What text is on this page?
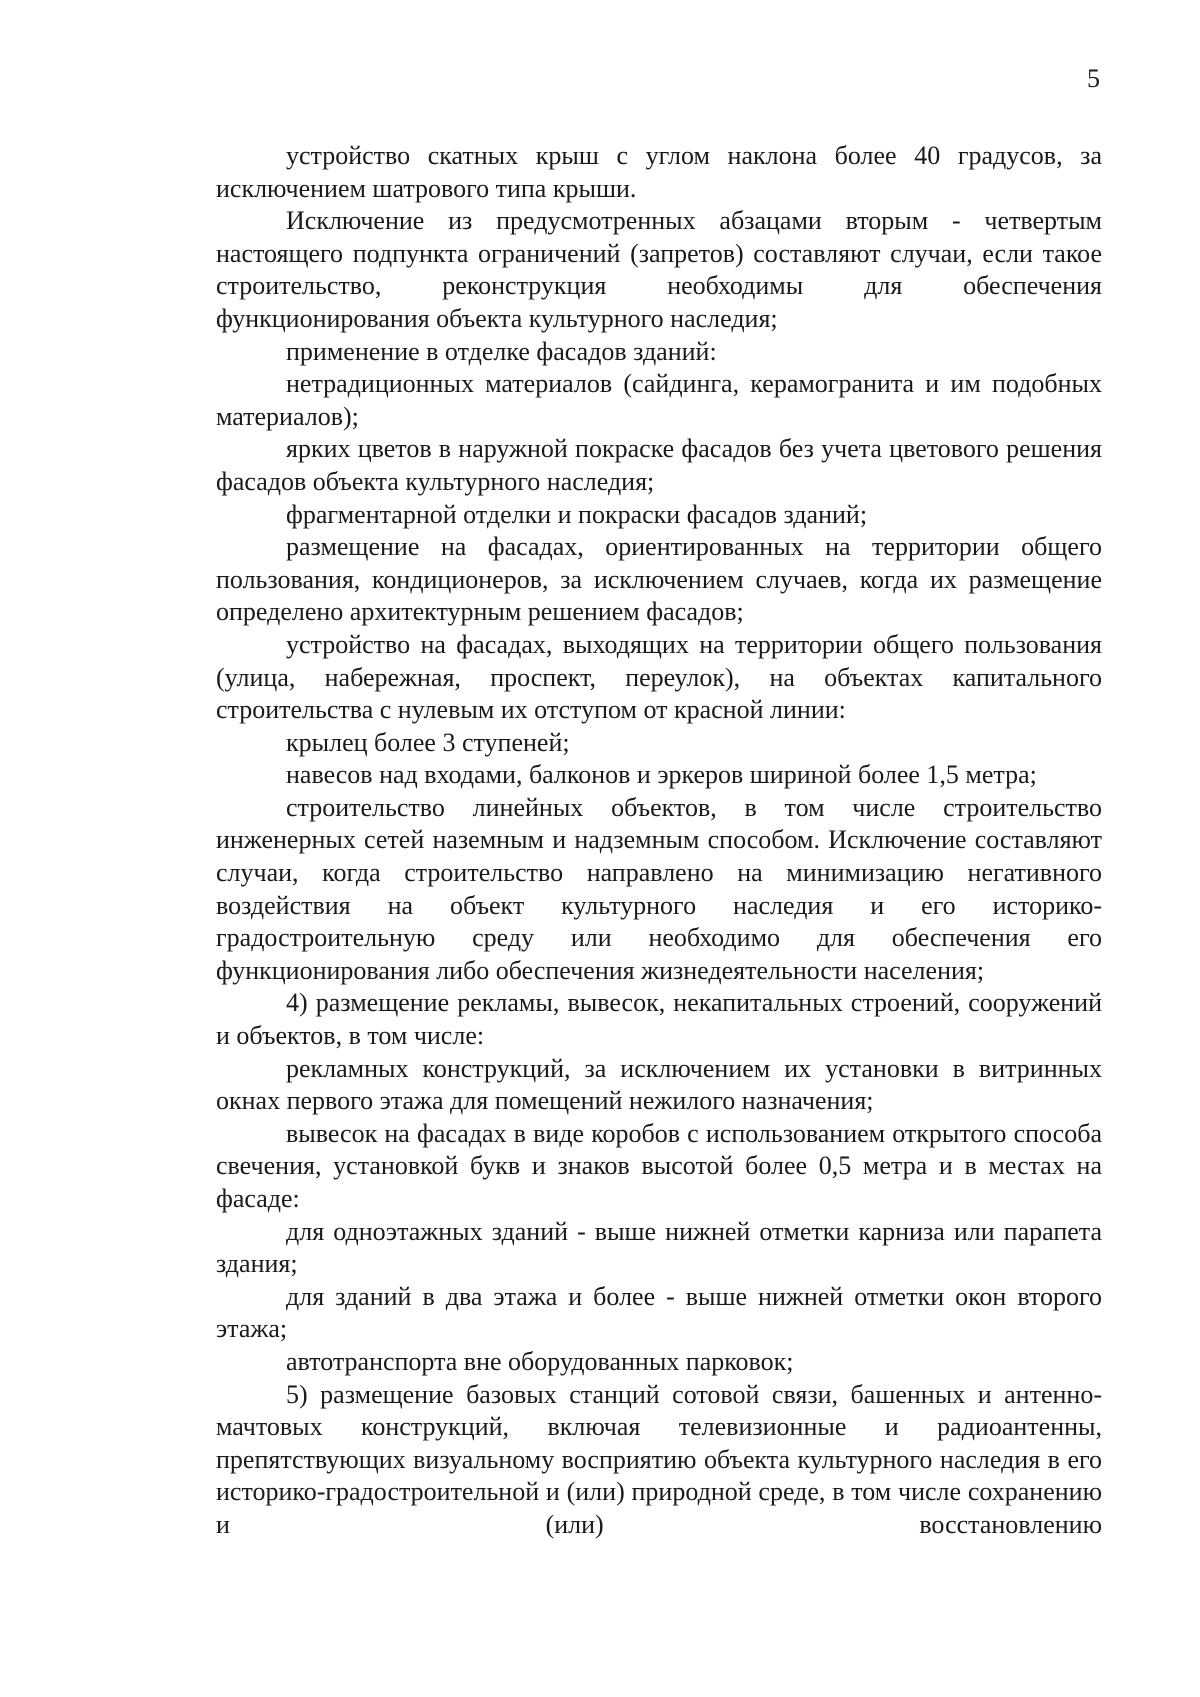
5

устройство скатных крыш с углом наклона более 40 градусов, за исключением шатрового типа крыши.

Исключение из предусмотренных абзацами вторым - четвертым настоящего подпункта ограничений (запретов) составляют случаи, если такое строительство, реконструкция необходимы для обеспечения функционирования объекта культурного наследия;

применение в отделке фасадов зданий:

нетрадиционных материалов (сайдинга, керамогранита и им подобных материалов);

ярких цветов в наружной покраске фасадов без учета цветового решения фасадов объекта культурного наследия;

фрагментарной отделки и покраски фасадов зданий;

размещение на фасадах, ориентированных на территории общего пользования, кондиционеров, за исключением случаев, когда их размещение определено архитектурным решением фасадов;

устройство на фасадах, выходящих на территории общего пользования (улица, набережная, проспект, переулок), на объектах капитального строительства с нулевым их отступом от красной линии:

крылец более 3 ступеней;

навесов над входами, балконов и эркеров шириной более 1,5 метра;

строительство линейных объектов, в том числе строительство инженерных сетей наземным и надземным способом. Исключение составляют случаи, когда строительство направлено на минимизацию негативного воздействия на объект культурного наследия и его историко-градостроительную среду или необходимо для обеспечения его функционирования либо обеспечения жизнедеятельности населения;

4) размещение рекламы, вывесок, некапитальных строений, сооружений и объектов, в том числе:

рекламных конструкций, за исключением их установки в витринных окнах первого этажа для помещений нежилого назначения;

вывесок на фасадах в виде коробов с использованием открытого способа свечения, установкой букв и знаков высотой более 0,5 метра и в местах на фасаде:

для одноэтажных зданий - выше нижней отметки карниза или парапета здания;

для зданий в два этажа и более - выше нижней отметки окон второго этажа;

автотранспорта вне оборудованных парковок;

5) размещение базовых станций сотовой связи, башенных и антенно-мачтовых конструкций, включая телевизионные и радиоантенны, препятствующих визуальному восприятию объекта культурного наследия в его историко-градостроительной и (или) природной среде, в том числе сохранению и (или) восстановлению
